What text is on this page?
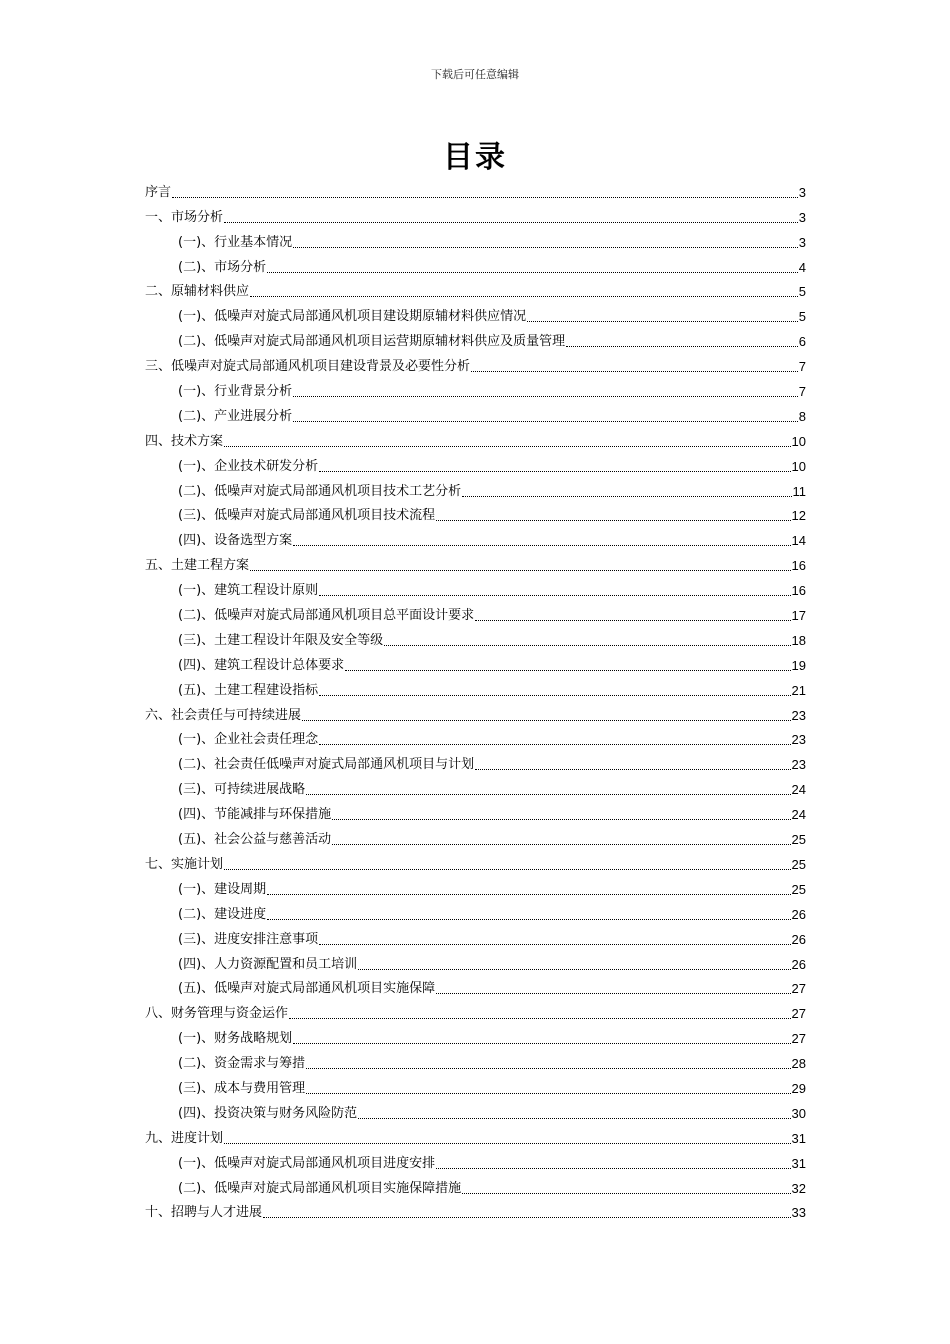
下载后可任意编辑
目录
序言	3
一、市场分析	3
(一)、行业基本情况	3
(二)、市场分析	4
二、原辅材料供应	5
(一)、低噪声对旋式局部通风机项目建设期原辅材料供应情况	5
(二)、低噪声对旋式局部通风机项目运营期原辅材料供应及质量管理	6
三、低噪声对旋式局部通风机项目建设背景及必要性分析	7
(一)、行业背景分析	7
(二)、产业进展分析	8
四、技术方案	10
(一)、企业技术研发分析	10
(二)、低噪声对旋式局部通风机项目技术工艺分析	11
(三)、低噪声对旋式局部通风机项目技术流程	12
(四)、设备选型方案	14
五、土建工程方案	16
(一)、建筑工程设计原则	16
(二)、低噪声对旋式局部通风机项目总平面设计要求	17
(三)、土建工程设计年限及安全等级	18
(四)、建筑工程设计总体要求	19
(五)、土建工程建设指标	21
六、社会责任与可持续进展	23
(一)、企业社会责任理念	23
(二)、社会责任低噪声对旋式局部通风机项目与计划	23
(三)、可持续进展战略	24
(四)、节能减排与环保措施	24
(五)、社会公益与慈善活动	25
七、实施计划	25
(一)、建设周期	25
(二)、建设进度	26
(三)、进度安排注意事项	26
(四)、人力资源配置和员工培训	26
(五)、低噪声对旋式局部通风机项目实施保障	27
八、财务管理与资金运作	27
(一)、财务战略规划	27
(二)、资金需求与筹措	28
(三)、成本与费用管理	29
(四)、投资决策与财务风险防范	30
九、进度计划	31
(一)、低噪声对旋式局部通风机项目进度安排	31
(二)、低噪声对旋式局部通风机项目实施保障措施	32
十、招聘与人才进展	33
